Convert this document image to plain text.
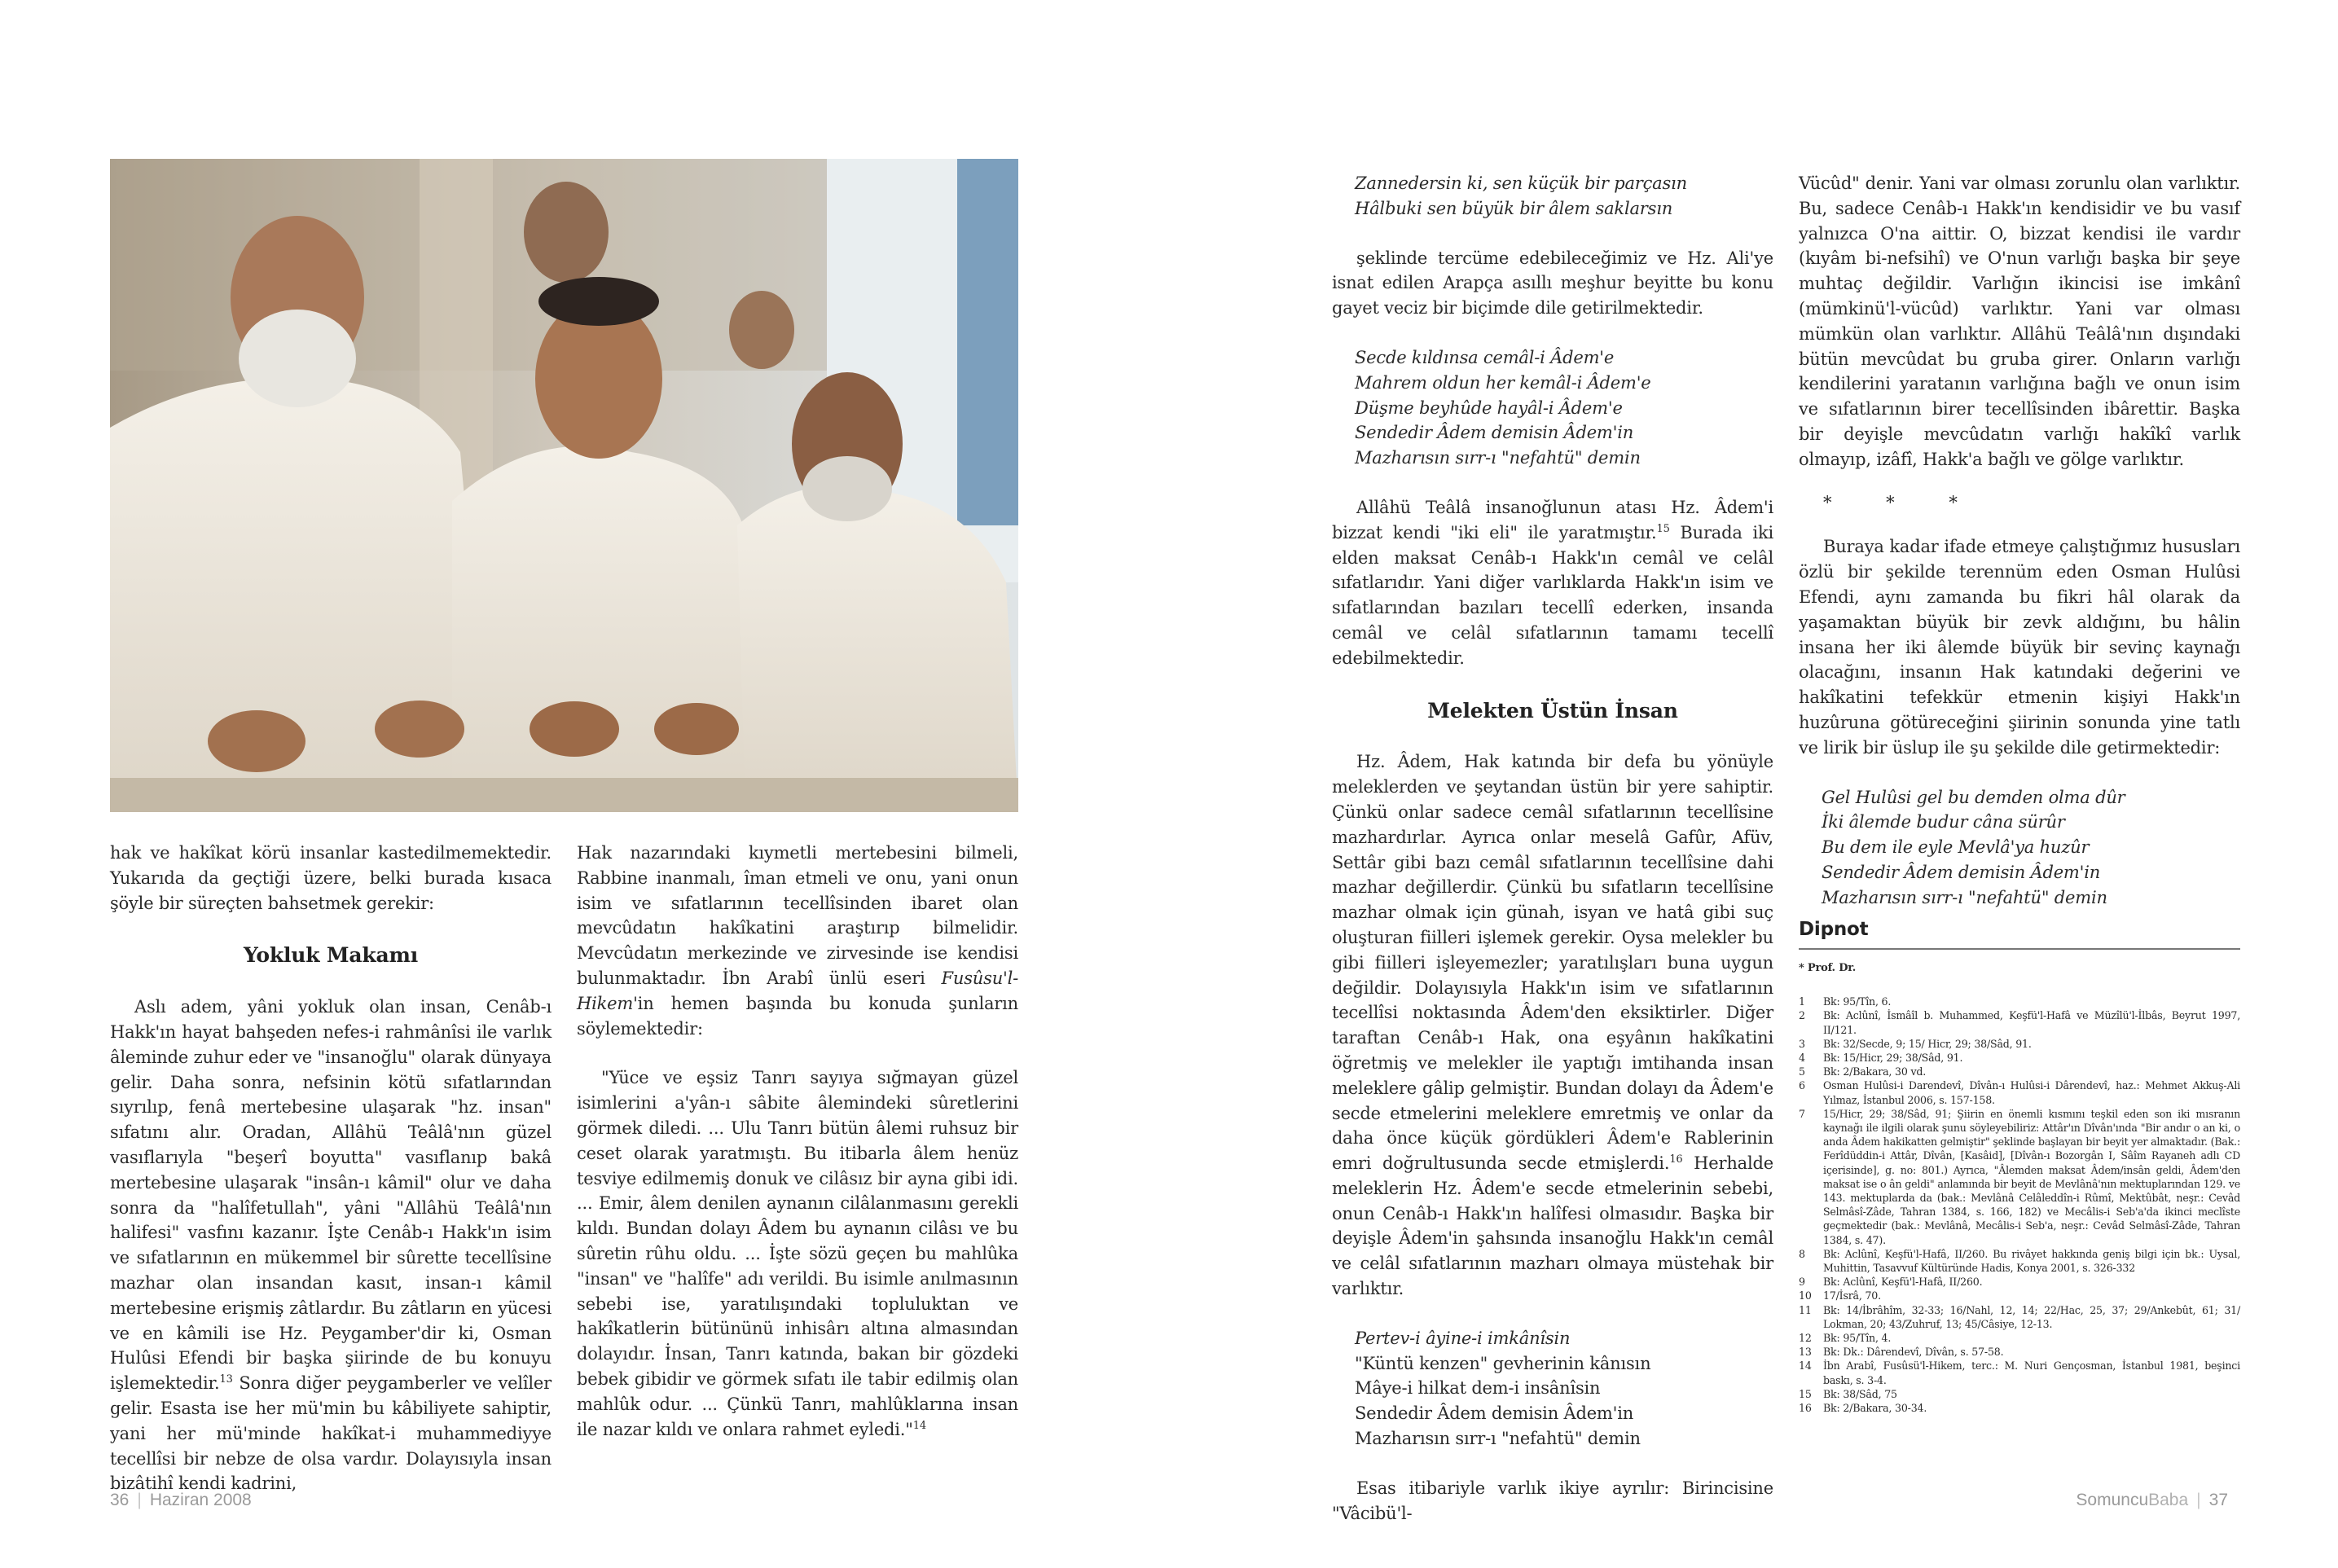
hak ve hakîkat körü insanlar kastedilmemektedir. Yukarıda da geçtiği üzere, belki burada kısaca şöyle bir süreçten bahsetmek gerekir:

Yokluk Makamı

Aslı adem, yâni yokluk olan insan, Cenâb-ı Hakk'ın hayat bahşeden nefes-i rahmânîsi ile varlık âleminde zuhur eder ve "insanoğlu" olarak dünyaya gelir. Daha sonra, nefsinin kötü sıfatlarından sıyrılıp, fenâ mertebesine ulaşarak "hz. insan" sıfatını alır. Oradan, Allâhü Teâlâ'nın güzel vasıflarıyla "beşerî boyutta" vasıflanıp bakâ mertebesine ulaşarak "insân-ı kâmil" olur ve daha sonra da "halîfetullah", yâni "Allâhü Teâlâ'nın halifesi" vasfını kazanır. İşte Cenâb-ı Hakk'ın isim ve sıfatlarının en mükemmel bir sûrette tecellîsine mazhar olan insandan kasıt, insan-ı kâmil mertebesine erişmiş zâtlardır. Bu zâtların en yücesi ve en kâmili ise Hz. Peygamber'dir ki, Osman Hulûsi Efendi bir başka şiirinde de bu konuyu işlemektedir.$^{13}$ Sonra diğer peygamberler ve velîler gelir. Esasta ise her mü'min bu kâbiliyete sahiptir, yani her mü'minde hakîkat-i muhammediyye tecellîsi bir nebze de olsa vardır. Dolayısıyla insan bizâtihî kendi kadrini,

Hak nazarındaki kıymetli mertebesini bilmeli, Rabbine inanmalı, îman etmeli ve onu, yani onun isim ve sıfatlarının tecellîsinden ibaret olan mevcûdatın hakîkatini araştırıp bilmelidir. Mevcûdatın merkezinde ve zirvesinde ise kendisi bulunmaktadır. İbn Arabî ünlü eseri Fusûsu'l-Hikem'in hemen başında bu konuda şunların söylemektedir:

"Yüce ve eşsiz Tanrı sayıya sığmayan güzel isimlerini a'yân-ı sâbite âlemindeki sûretlerini görmek diledi. ... Ulu Tanrı bütün âlemi ruhsuz bir ceset olarak yaratmıştı. Bu itibarla âlem henüz tesviye edilmemiş donuk ve cilâsız bir ayna gibi idi. ... Emir, âlem denilen aynanın cilâlanmasını gerekli kıldı. Bundan dolayı Âdem bu aynanın cilâsı ve bu sûretin rûhu oldu. ... İşte sözü geçen bu mahlûka "insan" ve "halîfe" adı verildi. Bu isimle anılmasının sebebi ise, yaratılışındaki topluluktan ve hakîkatlerin bütününü inhisârı altına almasından dolayıdır. İnsan, Tanrı katında, bakan bir gözdeki bebek gibidir ve görmek sıfatı ile tabir edilmiş olan mahlûk odur. ... Çünkü Tanrı, mahlûklarına insan ile nazar kıldı ve onlara rahmet eyledi."$^{14}$

36 | Haziran 2008
Zannedersin ki, sen küçük bir parçasın
Hâlbuki sen büyük bir âlem saklarsın

şeklinde tercüme edebileceğimiz ve Hz. Ali'ye isnat edilen Arapça asıllı meşhur beyitte bu konu gayet veciz bir biçimde dile getirilmektedir.

Secde kıldınsa cemâl-i Âdem'e
Mahrem oldun her kemâl-i Âdem'e
Düşme beyhûde hayâl-i Âdem'e
Sendedir Âdem demisin Âdem'in
Mazharısın sırr-ı "nefahtü" demin

Allâhü Teâlâ insanoğlunun atası Hz. Âdem'i bizzat kendi "iki eli" ile yaratmıştır.$^{15}$ Burada iki elden maksat Cenâb-ı Hakk'ın cemâl ve celâl sıfatlarıdır. Yani diğer varlıklarda Hakk'ın isim ve sıfatlarından bazıları tecellî ederken, insanda cemâl ve celâl sıfatlarının tamamı tecellî edebilmektedir.

Melekten Üstün İnsan

Hz. Âdem, Hak katında bir defa bu yönüyle meleklerden ve şeytandan üstün bir yere sahiptir. Çünkü onlar sadece cemâl sıfatlarının tecellîsine mazhardırlar. Ayrıca onlar meselâ Gafûr, Afüv, Settâr gibi bazı cemâl sıfatlarının tecellîsine dahi mazhar değillerdir. Çünkü bu sıfatların tecellîsine mazhar olmak için günah, isyan ve hatâ gibi suç oluşturan fiilleri işlemek gerekir. Oysa melekler bu gibi fiilleri işleyemezler; yaratılışları buna uygun değildir. Dolayısıyla Hakk'ın isim ve sıfatlarının tecellîsi noktasında Âdem'den eksiktirler. Diğer taraftan Cenâb-ı Hak, ona eşyânın hakîkatini öğretmiş ve melekler ile yaptığı imtihanda insan meleklere gâlip gelmiştir. Bundan dolayı da Âdem'e secde etmelerini meleklere emretmiş ve onlar da daha önce küçük gördükleri Âdem'e Rablerinin emri doğrultusunda secde etmişlerdi.$^{16}$ Herhalde meleklerin Hz. Âdem'e secde etmelerinin sebebi, onun Cenâb-ı Hakk'ın halîfesi olmasıdır. Başka bir deyişle Âdem'in şahsında insanoğlu Hakk'ın cemâl ve celâl sıfatlarının mazharı olmaya müstehak bir varlıktır.

Pertev-i âyine-i imkânîsin
"Küntü kenzen" gevherinin kânısın
Mâye-i hilkat dem-i insânîsin
Sendedir Âdem demisin Âdem'in
Mazharısın sırr-ı "nefahtü" demin

Esas itibariyle varlık ikiye ayrılır: Birincisine "Vâcibü'l-

Vücûd" denir. Yani var olması zorunlu olan varlıktır. Bu, sadece Cenâb-ı Hakk'ın kendisidir ve bu vasıf yalnızca O'na aittir. O, bizzat kendisi ile vardır (kıyâm bi-nefsihî) ve O'nun varlığı başka bir şeye muhtaç değildir. Varlığın ikincisi ise imkânî (mümkinü'l-vücûd) varlıktır. Yani var olması mümkün olan varlıktır. Allâhü Teâlâ'nın dışındaki bütün mevcûdat bu gruba girer. Onların varlığı kendilerini yaratanın varlığına bağlı ve onun isim ve sıfatlarının birer tecellîsinden ibârettir. Başka bir deyişle mevcûdatın varlığı hakîkî varlık olmayıp, izâfî, Hakk'a bağlı ve gölge varlıktır.

* * *

Buraya kadar ifade etmeye çalıştığımız hususları özlü bir şekilde terennüm eden Osman Hulûsi Efendi, aynı zamanda bu fikri hâl olarak da yaşamaktan büyük bir zevk aldığını, bu hâlin insana her iki âlemde büyük bir sevinç kaynağı olacağını, insanın Hak katındaki değerini ve hakîkatini tefekkür etmenin kişiyi Hakk'ın huzûruna götüreceğini şiirinin sonunda yine tatlı ve lirik bir üslup ile şu şekilde dile getirmektedir:

Gel Hulûsi gel bu demden olma dûr
İki âlemde budur câna sürûr
Bu dem ile eyle Mevlâ'ya huzûr
Sendedir Âdem demisin Âdem'in
Mazharısın sırr-ı "nefahtü" demin
Dipnot
* Prof. Dr.
1	Bk: 95/Tîn, 6.
2	Bk: Aclûnî, İsmâîl b. Muhammed, Keşfü'l-Hafâ ve Müzîlü'l-İlbâs, Beyrut 1997, II/121.
3	Bk: 32/Secde, 9; 15/ Hicr, 29; 38/Sâd, 91.
4	Bk: 15/Hicr, 29; 38/Sâd, 91.
5	Bk: 2/Bakara, 30 vd.
6	Osman Hulûsi-i Darendevî, Dîvân-ı Hulûsi-i Dârendevî, haz.: Mehmet Akkuş-Ali Yılmaz, İstanbul 2006, s. 157-158.
7	15/Hicr, 29; 38/Sâd, 91; Şiirin en önemli kısmını teşkil eden son iki mısranın kaynağı ile ilgili olarak şunu söyleyebiliriz: Attâr'ın Dîvân'ında "Bir andır o an ki, o anda Âdem hakikatten gelmiştir" şeklinde başlayan bir beyit yer almaktadır. (Bak.: Ferîdüddin-i Attâr, Dîvân, [Kasâid], [Dîvân-ı Bozorgân I, Sâîm Rayaneh adlı CD içerisinde], g. no: 801.) Ayrıca, "Âlemden maksat Âdem/insân geldi, Âdem'den maksat ise o ân geldi" anlamında bir beyit de Mevlânâ'nın mektuplarından 129. ve 143. mektuplarda da (bak.: Mevlânâ Celâleddîn-i Rûmî, Mektûbât, neşr.: Cevâd Selmâsî-Zâde, Tahran 1384, s. 166, 182) ve Mecâlis-i Seb'a'da ikinci meclîste geçmektedir (bak.: Mevlânâ, Mecâlis-i Seb'a, neşr.: Cevâd Selmâsî-Zâde, Tahran 1384, s. 47).
8	Bk: Aclûnî, Keşfü'l-Hafâ, II/260. Bu rivâyet hakkında geniş bilgi için bk.: Uysal, Muhittin, Tasavvuf Kültüründe Hadis, Konya 2001, s. 326-332
9	Bk: Aclûnî, Keşfü'l-Hafâ, II/260.
10	17/İsrâ, 70.
11	Bk: 14/İbrâhîm, 32-33; 16/Nahl, 12, 14; 22/Hac, 25, 37; 29/Ankebût, 61; 31/ Lokman, 20; 43/Zuhruf, 13; 45/Câsiye, 12-13.
12	Bk: 95/Tîn, 4.
13	Bk: Dk.: Dârendevî, Dîvân, s. 57-58.
14	İbn Arabî, Fusûsü'l-Hikem, terc.: M. Nuri Gençosman, İstanbul 1981, beşinci baskı, s. 3-4.
15	Bk: 38/Sâd, 75
16	Bk: 2/Bakara, 30-34.
SomuncuBaba | 37
